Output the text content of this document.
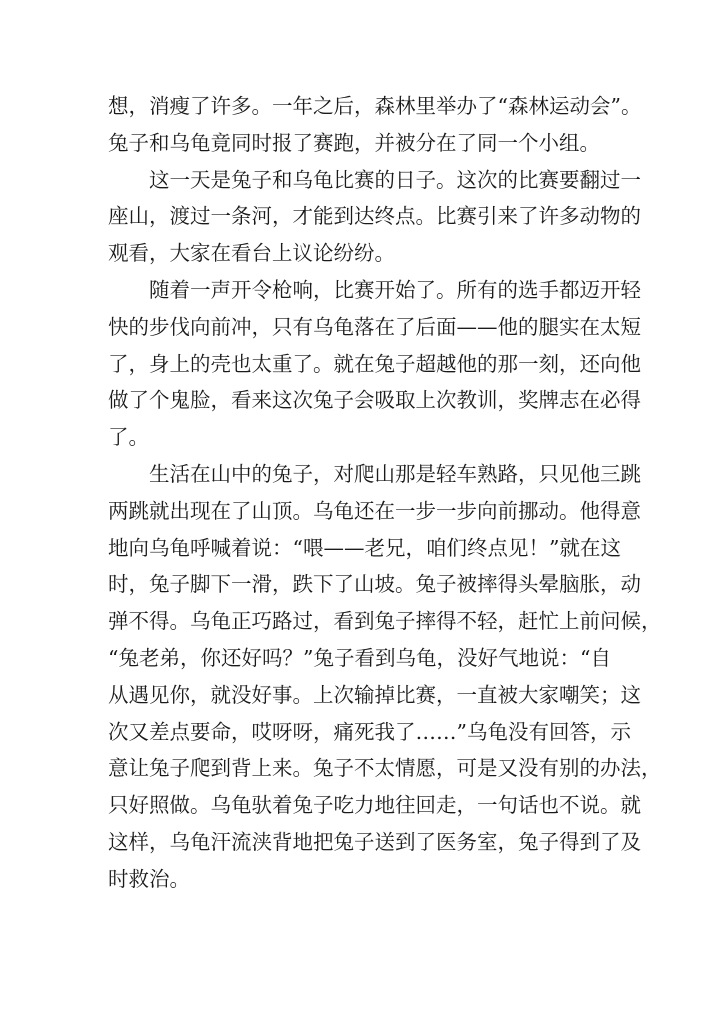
想，消瘦了许多。一年之后，森林里举办了“森林运动会”。
兔子和乌龟竟同时报了赛跑，并被分在了同一个小组。
这一天是兔子和乌龟比赛的日子。这次的比赛要翻过一
座山，渡过一条河，才能到达终点。比赛引来了许多动物的
观看，大家在看台上议论纷纷。
随着一声开令枪响，比赛开始了。所有的选手都迈开轻
快的步伐向前冲，只有乌龟落在了后面——他的腿实在太短
了，身上的壳也太重了。就在兔子超越他的那一刻，还向他
做了个鬼脸，看来这次兔子会吸取上次教训，奖牌志在必得
了。
生活在山中的兔子，对爬山那是轻车熟路，只见他三跳
两跳就出现在了山顶。乌龟还在一步一步向前挪动。他得意
地向乌龟呼喊着说：“喂——老兄，咱们终点见！”就在这
时，兔子脚下一滑，跌下了山坡。兔子被摔得头晕脑胀，动
弹不得。乌龟正巧路过，看到兔子摔得不轻，赶忙上前问候，
“兔老弟，你还好吗？”兔子看到乌龟，没好气地说：“自
从遇见你，就没好事。上次输掉比赛，一直被大家嘲笑；这
次又差点要命，哎呀呀，痛死我了……”乌龟没有回答，示
意让兔子爬到背上来。兔子不太情愿，可是又没有别的办法，
只好照做。乌龟驮着兔子吃力地往回走，一句话也不说。就
这样，乌龟汗流浃背地把兔子送到了医务室，兔子得到了及
时救治。
